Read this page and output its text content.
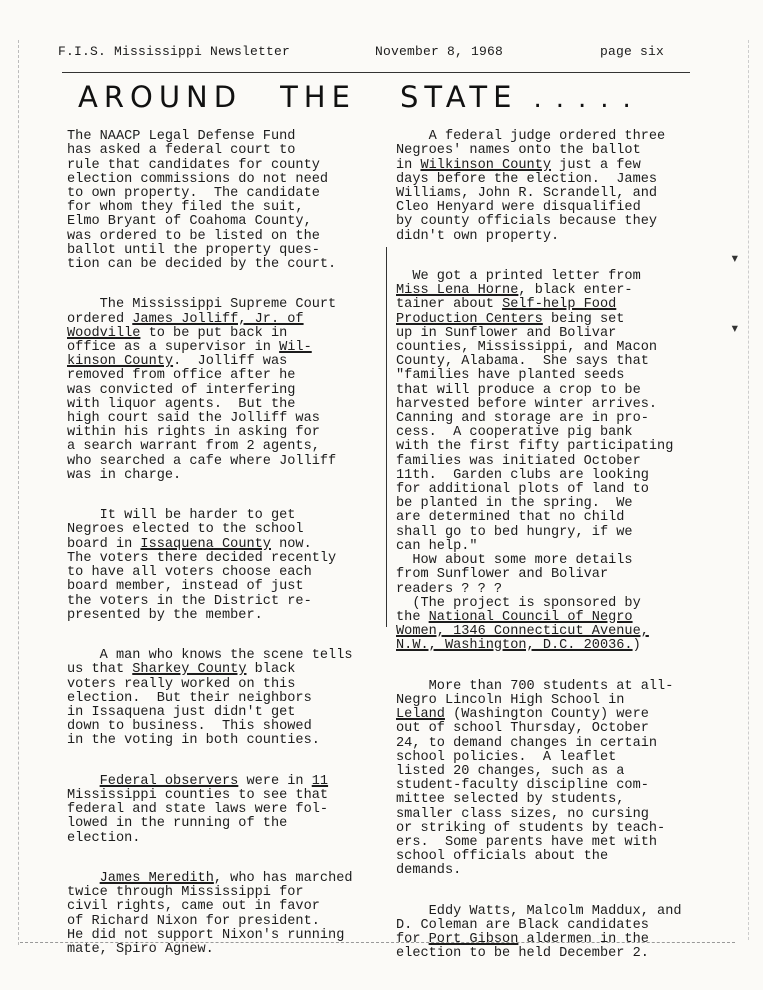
F.I.S. Mississippi Newsletter	November 8, 1968	page six
AROUND THE STATE .....

The NAACP Legal Defense Fund
has asked a federal court to
rule that candidates for county
election commissions do not need
to own property.  The candidate
for whom they filed the suit,
Elmo Bryant of Coahoma County,
was ordered to be listed on the
ballot until the property ques-
tion can be decided by the court.

The Mississippi Supreme Court
ordered James Jolliff, Jr. of
Woodville to be put back in
office as a supervisor in Wil-
kinson County.  Jolliff was
removed from office after he
was convicted of interfering
with liquor agents.  But the
high court said the Jolliff was
within his rights in asking for
a search warrant from 2 agents,
who searched a cafe where Jolliff
was in charge.

It will be harder to get
Negroes elected to the school
board in Issaquena County now.
The voters there decided recently
to have all voters choose each
board member, instead of just
the voters in the District re-
presented by the member.

A man who knows the scene tells
us that Sharkey County black
voters really worked on this
election.  But their neighbors
in Issaquena just didn't get
down to business.  This showed
in the voting in both counties.

Federal observers were in 11
Mississippi counties to see that
federal and state laws were fol-
lowed in the running of the
election.

James Meredith, who has marched
twice through Mississippi for
civil rights, came out in favor
of Richard Nixon for president.
He did not support Nixon's running
mate, Spiro Agnew.

A federal judge ordered three
Negroes' names onto the ballot
in Wilkinson County just a few
days before the election.  James
Williams, John R. Scrandell, and
Cleo Henyard were disqualified
by county officials because they
didn't own property.

We got a printed letter from
Miss Lena Horne, black enter-
tainer about Self-help Food
Production Centers being set
up in Sunflower and Bolivar
counties, Mississippi, and Macon
County, Alabama.  She says that
"families have planted seeds
that will produce a crop to be
harvested before winter arrives.
Canning and storage are in pro-
cess.  A cooperative pig bank
with the first fifty participating
families was initiated October
11th.  Garden clubs are looking
for additional plots of land to
be planted in the spring.  We
are determined that no child
shall go to bed hungry, if we
can help."
How about some more details
from Sunflower and Bolivar
readers ? ? ?
(The project is sponsored by
the National Council of Negro
Women, 1346 Connecticut Avenue,
N.W., Washington, D.C. 20036.)

More than 700 students at all-
Negro Lincoln High School in
Leland (Washington County) were
out of school Thursday, October
24, to demand changes in certain
school policies.  A leaflet
listed 20 changes, such as a
student-faculty discipline com-
mittee selected by students,
smaller class sizes, no cursing
or striking of students by teach-
ers.  Some parents have met with
school officials about the
demands.

Eddy Watts, Malcolm Maddux, and
D. Coleman are Black candidates
for Port Gibson aldermen in the
election to be held December 2.

▾
▾
